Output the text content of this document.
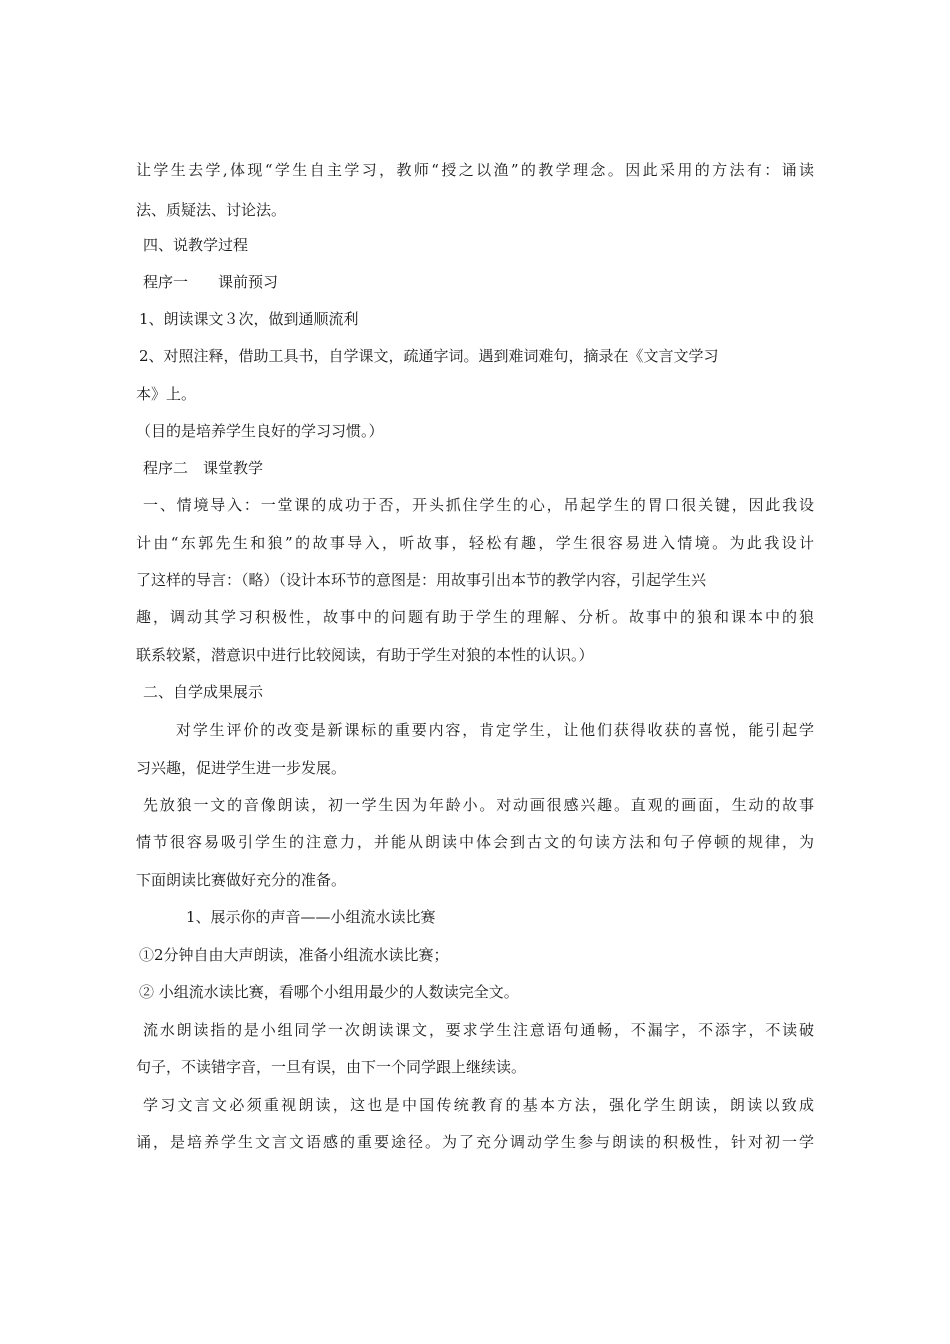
让学生去学,体现“学生自主学习，教师“授之以渔”的教学理念。因此采用的方法有：诵读
法、质疑法、讨论法。
四、说教学过程
程序一　　课前预习
1、朗读课文３次，做到通顺流利
2、对照注释，借助工具书，自学课文，疏通字词。遇到难词难句，摘录在《文言文学习
本》上。
（目的是培养学生良好的学习习惯。）
程序二　课堂教学
一、情境导入：一堂课的成功于否，开头抓住学生的心，吊起学生的胃口很关键，因此我设
计由“东郭先生和狼”的故事导入，听故事，轻松有趣，学生很容易进入情境。为此我设计
了这样的导言：（略）（设计本环节的意图是：用故事引出本节的教学内容，引起学生兴
趣，调动其学习积极性，故事中的问题有助于学生的理解、分析。故事中的狼和课本中的狼
联系较紧，潜意识中进行比较阅读，有助于学生对狼的本性的认识。）
二、自学成果展示
对学生评价的改变是新课标的重要内容，肯定学生，让他们获得收获的喜悦，能引起学
习兴趣，促进学生进一步发展。
先放狼一文的音像朗读，初一学生因为年龄小。对动画很感兴趣。直观的画面，生动的故事
情节很容易吸引学生的注意力，并能从朗读中体会到古文的句读方法和句子停顿的规律，为
下面朗读比赛做好充分的准备。
1、展示你的声音——小组流水读比赛
①2分钟自由大声朗读，准备小组流水读比赛；
② 小组流水读比赛，看哪个小组用最少的人数读完全文。
流水朗读指的是小组同学一次朗读课文，要求学生注意语句通畅，不漏字，不添字，不读破
句子，不读错字音，一旦有误，由下一个同学跟上继续读。
学习文言文必须重视朗读，这也是中国传统教育的基本方法，强化学生朗读，朗读以致成
诵，是培养学生文言文语感的重要途径。为了充分调动学生参与朗读的积极性，针对初一学
